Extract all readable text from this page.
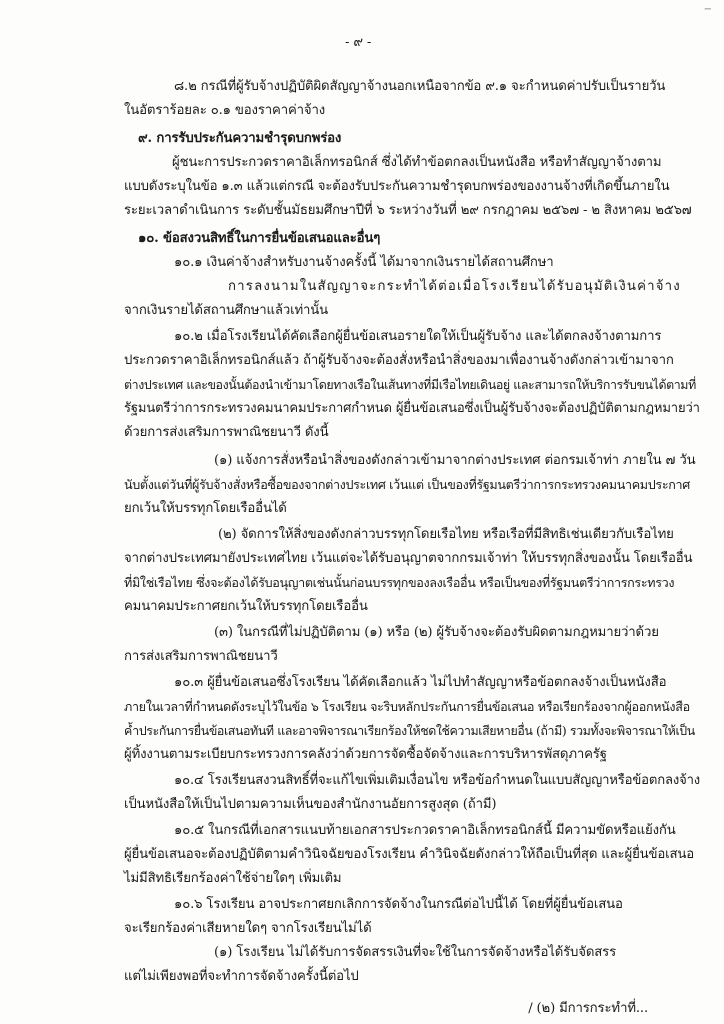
−
- ๙ -
๘.๒ กรณีที่ผู้รับจ้างปฏิบัติผิดสัญญาจ้างนอกเหนือจากข้อ ๙.๑ จะกำหนดค่าปรับเป็นรายวัน
ในอัตราร้อยละ ๐.๑ ของราคาค่าจ้าง
๙. การรับประกันความชำรุดบกพร่อง
ผู้ชนะการประกวดราคาอิเล็กทรอนิกส์ ซึ่งได้ทำข้อตกลงเป็นหนังสือ หรือทำสัญญาจ้างตาม
แบบดังระบุในข้อ ๑.๓ แล้วแต่กรณี จะต้องรับประกันความชำรุดบกพร่องของงานจ้างที่เกิดขึ้นภายใน
ระยะเวลาดำเนินการ ระดับชั้นมัธยมศึกษาปีที่ ๖ ระหว่างวันที่ ๒๙ กรกฎาคม ๒๕๖๗ - ๒ สิงหาคม ๒๕๖๗
๑๐. ข้อสงวนสิทธิ์ในการยื่นข้อเสนอและอื่นๆ
๑๐.๑ เงินค่าจ้างสำหรับงานจ้างครั้งนี้ ได้มาจากเงินรายได้สถานศึกษา
การลงนามในสัญญาจะกระทำได้ต่อเมื่อโรงเรียนได้รับอนุมัติเงินค่าจ้าง
จากเงินรายได้สถานศึกษาแล้วเท่านั้น
๑๐.๒ เมื่อโรงเรียนได้คัดเลือกผู้ยื่นข้อเสนอรายใดให้เป็นผู้รับจ้าง และได้ตกลงจ้างตามการ
ประกวดราคาอิเล็กทรอนิกส์แล้ว ถ้าผู้รับจ้างจะต้องสั่งหรือนำสิ่งของมาเพื่องานจ้างดังกล่าวเข้ามาจาก
ต่างประเทศ และของนั้นต้องนำเข้ามาโดยทางเรือในเส้นทางที่มีเรือไทยเดินอยู่ และสามารถให้บริการรับขนได้ตามที่
รัฐมนตรีว่าการกระทรวงคมนาคมประกาศกำหนด ผู้ยื่นข้อเสนอซึ่งเป็นผู้รับจ้างจะต้องปฏิบัติตามกฎหมายว่า
ด้วยการส่งเสริมการพาณิชยนาวี ดังนี้
(๑) แจ้งการสั่งหรือนำสิ่งของดังกล่าวเข้ามาจากต่างประเทศ ต่อกรมเจ้าท่า ภายใน ๗ วัน
นับตั้งแต่วันที่ผู้รับจ้างสั่งหรือซื้อของจากต่างประเทศ เว้นแต่ เป็นของที่รัฐมนตรีว่าการกระทรวงคมนาคมประกาศ
ยกเว้นให้บรรทุกโดยเรืออื่นได้
(๒) จัดการให้สิ่งของดังกล่าวบรรทุกโดยเรือไทย หรือเรือที่มีสิทธิเช่นเดียวกับเรือไทย
จากต่างประเทศมายังประเทศไทย เว้นแต่จะได้รับอนุญาตจากกรมเจ้าท่า ให้บรรทุกสิ่งของนั้น โดยเรืออื่น
ที่มิใช่เรือไทย ซึ่งจะต้องได้รับอนุญาตเช่นนั้นก่อนบรรทุกของลงเรืออื่น หรือเป็นของที่รัฐมนตรีว่าการกระทรวง
คมนาคมประกาศยกเว้นให้บรรทุกโดยเรืออื่น
(๓) ในกรณีที่ไม่ปฏิบัติตาม (๑) หรือ (๒) ผู้รับจ้างจะต้องรับผิดตามกฎหมายว่าด้วย
การส่งเสริมการพาณิชยนาวี
๑๐.๓ ผู้ยื่นข้อเสนอซึ่งโรงเรียน ได้คัดเลือกแล้ว ไม่ไปทำสัญญาหรือข้อตกลงจ้างเป็นหนังสือ
ภายในเวลาที่กำหนดดังระบุไว้ในข้อ ๖ โรงเรียน จะริบหลักประกันการยื่นข้อเสนอ หรือเรียกร้องจากผู้ออกหนังสือ
ค้ำประกันการยื่นข้อเสนอทันที และอาจพิจารณาเรียกร้องให้ชดใช้ความเสียหายอื่น (ถ้ามี) รวมทั้งจะพิจารณาให้เป็น
ผู้ทิ้งงานตามระเบียบกระทรวงการคลังว่าด้วยการจัดซื้อจัดจ้างและการบริหารพัสดุภาครัฐ
๑๐.๔ โรงเรียนสงวนสิทธิ์ที่จะแก้ไขเพิ่มเติมเงื่อนไข หรือข้อกำหนดในแบบสัญญาหรือข้อตกลงจ้าง
เป็นหนังสือให้เป็นไปตามความเห็นของสำนักงานอัยการสูงสุด (ถ้ามี)
๑๐.๕ ในกรณีที่เอกสารแนบท้ายเอกสารประกวดราคาอิเล็กทรอนิกส์นี้ มีความขัดหรือแย้งกัน
ผู้ยื่นข้อเสนอจะต้องปฏิบัติตามคำวินิจฉัยของโรงเรียน คำวินิจฉัยดังกล่าวให้ถือเป็นที่สุด และผู้ยื่นข้อเสนอ
ไม่มีสิทธิเรียกร้องค่าใช้จ่ายใดๆ เพิ่มเติม
๑๐.๖ โรงเรียน อาจประกาศยกเลิกการจัดจ้างในกรณีต่อไปนี้ได้ โดยที่ผู้ยื่นข้อเสนอ
จะเรียกร้องค่าเสียหายใดๆ จากโรงเรียนไม่ได้
(๑) โรงเรียน ไม่ได้รับการจัดสรรเงินที่จะใช้ในการจัดจ้างหรือได้รับจัดสรร
แต่ไม่เพียงพอที่จะทำการจัดจ้างครั้งนี้ต่อไป
/ (๒) มีการกระทำที่...
